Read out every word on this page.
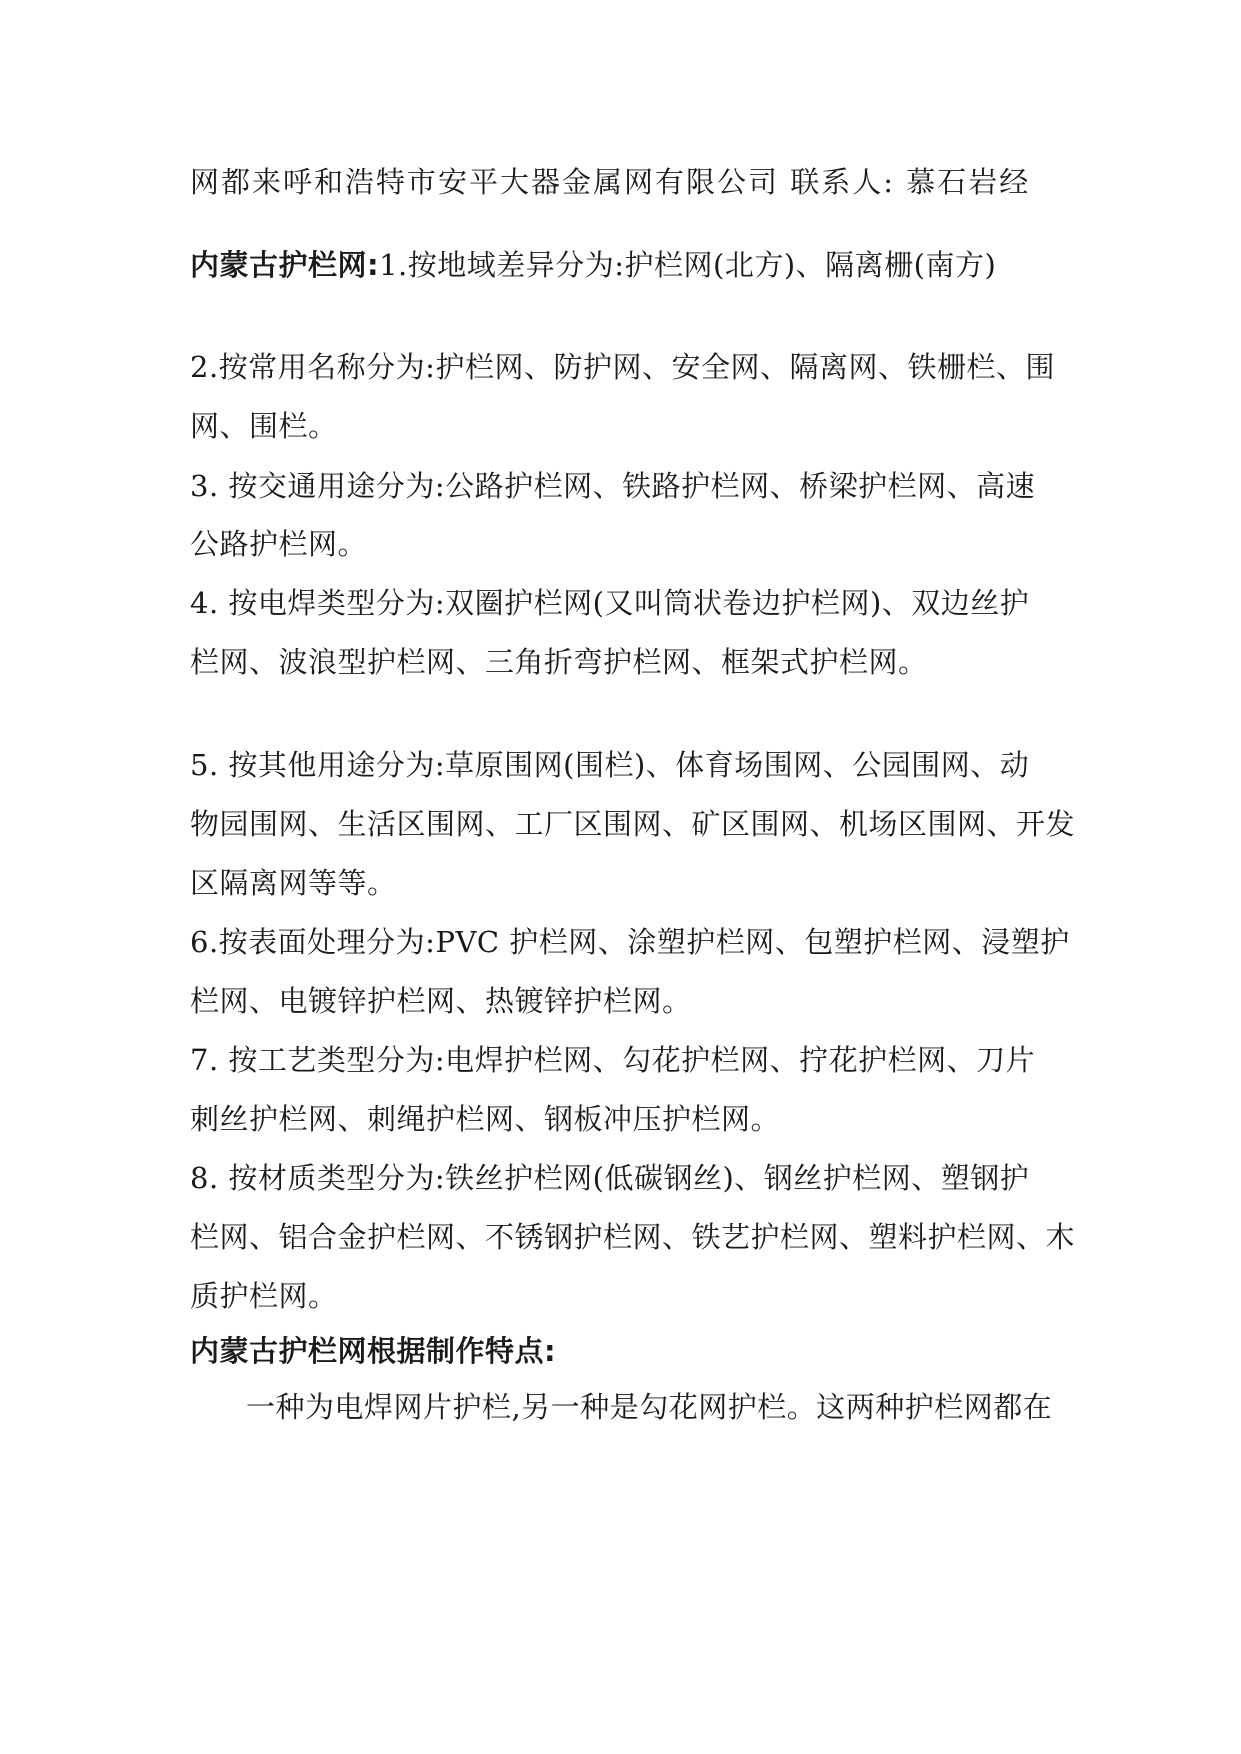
网都来呼和浩特市安平大器金属网有限公司 联系人: 慕石岩经
内蒙古护栏网:1.按地域差异分为:护栏网(北方)、隔离栅(南方)
2.按常用名称分为:护栏网、防护网、安全网、隔离网、铁栅栏、围
网、围栏。
3. 按交通用途分为:公路护栏网、铁路护栏网、桥梁护栏网、高速
公路护栏网。
4. 按电焊类型分为:双圈护栏网(又叫筒状卷边护栏网)、双边丝护
栏网、波浪型护栏网、三角折弯护栏网、框架式护栏网。
5. 按其他用途分为:草原围网(围栏)、体育场围网、公园围网、动
物园围网、生活区围网、工厂区围网、矿区围网、机场区围网、开发
区隔离网等等。
6.按表面处理分为:PVC 护栏网、涂塑护栏网、包塑护栏网、浸塑护
栏网、电镀锌护栏网、热镀锌护栏网。
7. 按工艺类型分为:电焊护栏网、勾花护栏网、拧花护栏网、刀片
刺丝护栏网、刺绳护栏网、钢板冲压护栏网。
8. 按材质类型分为:铁丝护栏网(低碳钢丝)、钢丝护栏网、塑钢护
栏网、铝合金护栏网、不锈钢护栏网、铁艺护栏网、塑料护栏网、木
质护栏网。
内蒙古护栏网根据制作特点:
一种为电焊网片护栏,另一种是勾花网护栏。这两种护栏网都在
